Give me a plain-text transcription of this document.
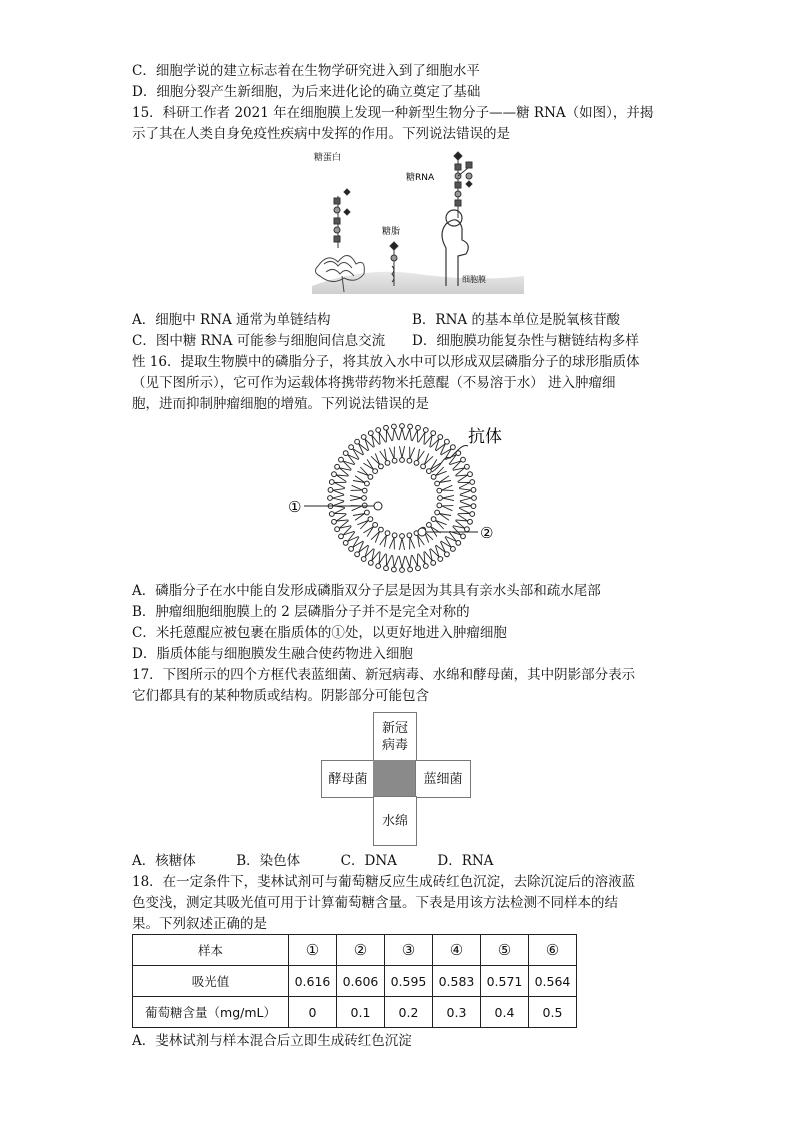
C．细胞学说的建立标志着在生物学研究进入到了细胞水平
D．细胞分裂产生新细胞，为后来进化论的确立奠定了基础
15．科研工作者 2021 年在细胞膜上发现一种新型生物分子——糖 RNA（如图），并揭
示了其在人类自身免疫性疾病中发挥的作用。下列说法错误的是
糖蛋白
糖脂
糖RNA
细胞膜
A．细胞中 RNA 通常为单链结构	B．RNA 的基本单位是脱氧核苷酸
C．图中糖 RNA 可能参与细胞间信息交流 D．细胞膜功能复杂性与糖链结构多样
性 16．提取生物膜中的磷脂分子，将其放入水中可以形成双层磷脂分子的球形脂质体
（见下图所示），它可作为运载体将携带药物米托蒽醌（不易溶于水） 进入肿瘤细
胞，进而抑制肿瘤细胞的增殖。下列说法错误的是
①
②
抗体
A．磷脂分子在水中能自发形成磷脂双分子层是因为其具有亲水头部和疏水尾部
B．肿瘤细胞细胞膜上的 2 层磷脂分子并不是完全对称的
C．米托蒽醌应被包裹在脂质体的①处，以更好地进入肿瘤细胞
D．脂质体能与细胞膜发生融合使药物进入细胞
17．下图所示的四个方框代表蓝细菌、新冠病毒、水绵和酵母菌，其中阴影部分表示
它们都具有的某种物质或结构。阴影部分可能包含
新冠
病毒
酵母菌	蓝细菌
水绵
A．核糖体　　　B．染色体　　　C．DNA　　　D．RNA
18．在一定条件下，斐林试剂可与葡萄糖反应生成砖红色沉淀，去除沉淀后的溶液蓝
色变浅，测定其吸光值可用于计算葡萄糖含量。下表是用该方法检测不同样本的结
果。下列叙述正确的是
样本	①	②	③	④	⑤	⑥
吸光值	0.616	0.606	0.595	0.583	0.571	0.564
葡萄糖含量（mg/mL）	0	0.1	0.2	0.3	0.4	0.5
A．斐林试剂与样本混合后立即生成砖红色沉淀
